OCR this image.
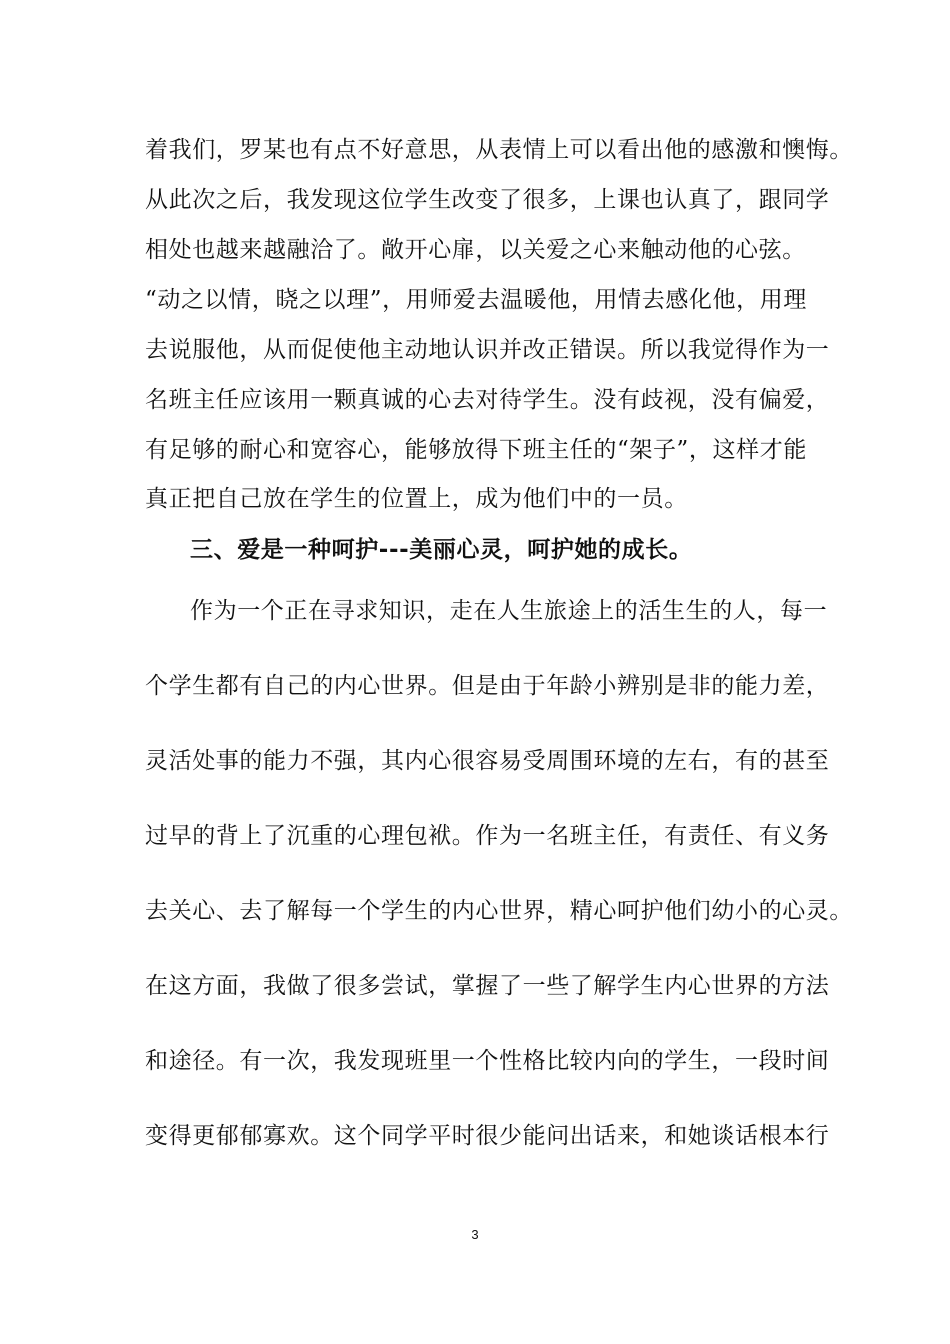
着我们，罗某也有点不好意思，从表情上可以看出他的感激和懊悔。
从此次之后，我发现这位学生改变了很多，上课也认真了，跟同学
相处也越来越融洽了。敞开心扉，以关爱之心来触动他的心弦。
“动之以情，晓之以理”，用师爱去温暖他，用情去感化他，用理
去说服他，从而促使他主动地认识并改正错误。所以我觉得作为一
名班主任应该用一颗真诚的心去对待学生。没有歧视，没有偏爱，
有足够的耐心和宽容心，能够放得下班主任的“架子”，这样才能
真正把自己放在学生的位置上，成为他们中的一员。
三、爱是一种呵护---美丽心灵，呵护她的成长。
作为一个正在寻求知识，走在人生旅途上的活生生的人，每一
个学生都有自己的内心世界。但是由于年龄小辨别是非的能力差，
灵活处事的能力不强，其内心很容易受周围环境的左右，有的甚至
过早的背上了沉重的心理包袱。作为一名班主任，有责任、有义务
去关心、去了解每一个学生的内心世界，精心呵护他们幼小的心灵。
在这方面，我做了很多尝试，掌握了一些了解学生内心世界的方法
和途径。有一次，我发现班里一个性格比较内向的学生，一段时间
变得更郁郁寡欢。这个同学平时很少能问出话来，和她谈话根本行
3
